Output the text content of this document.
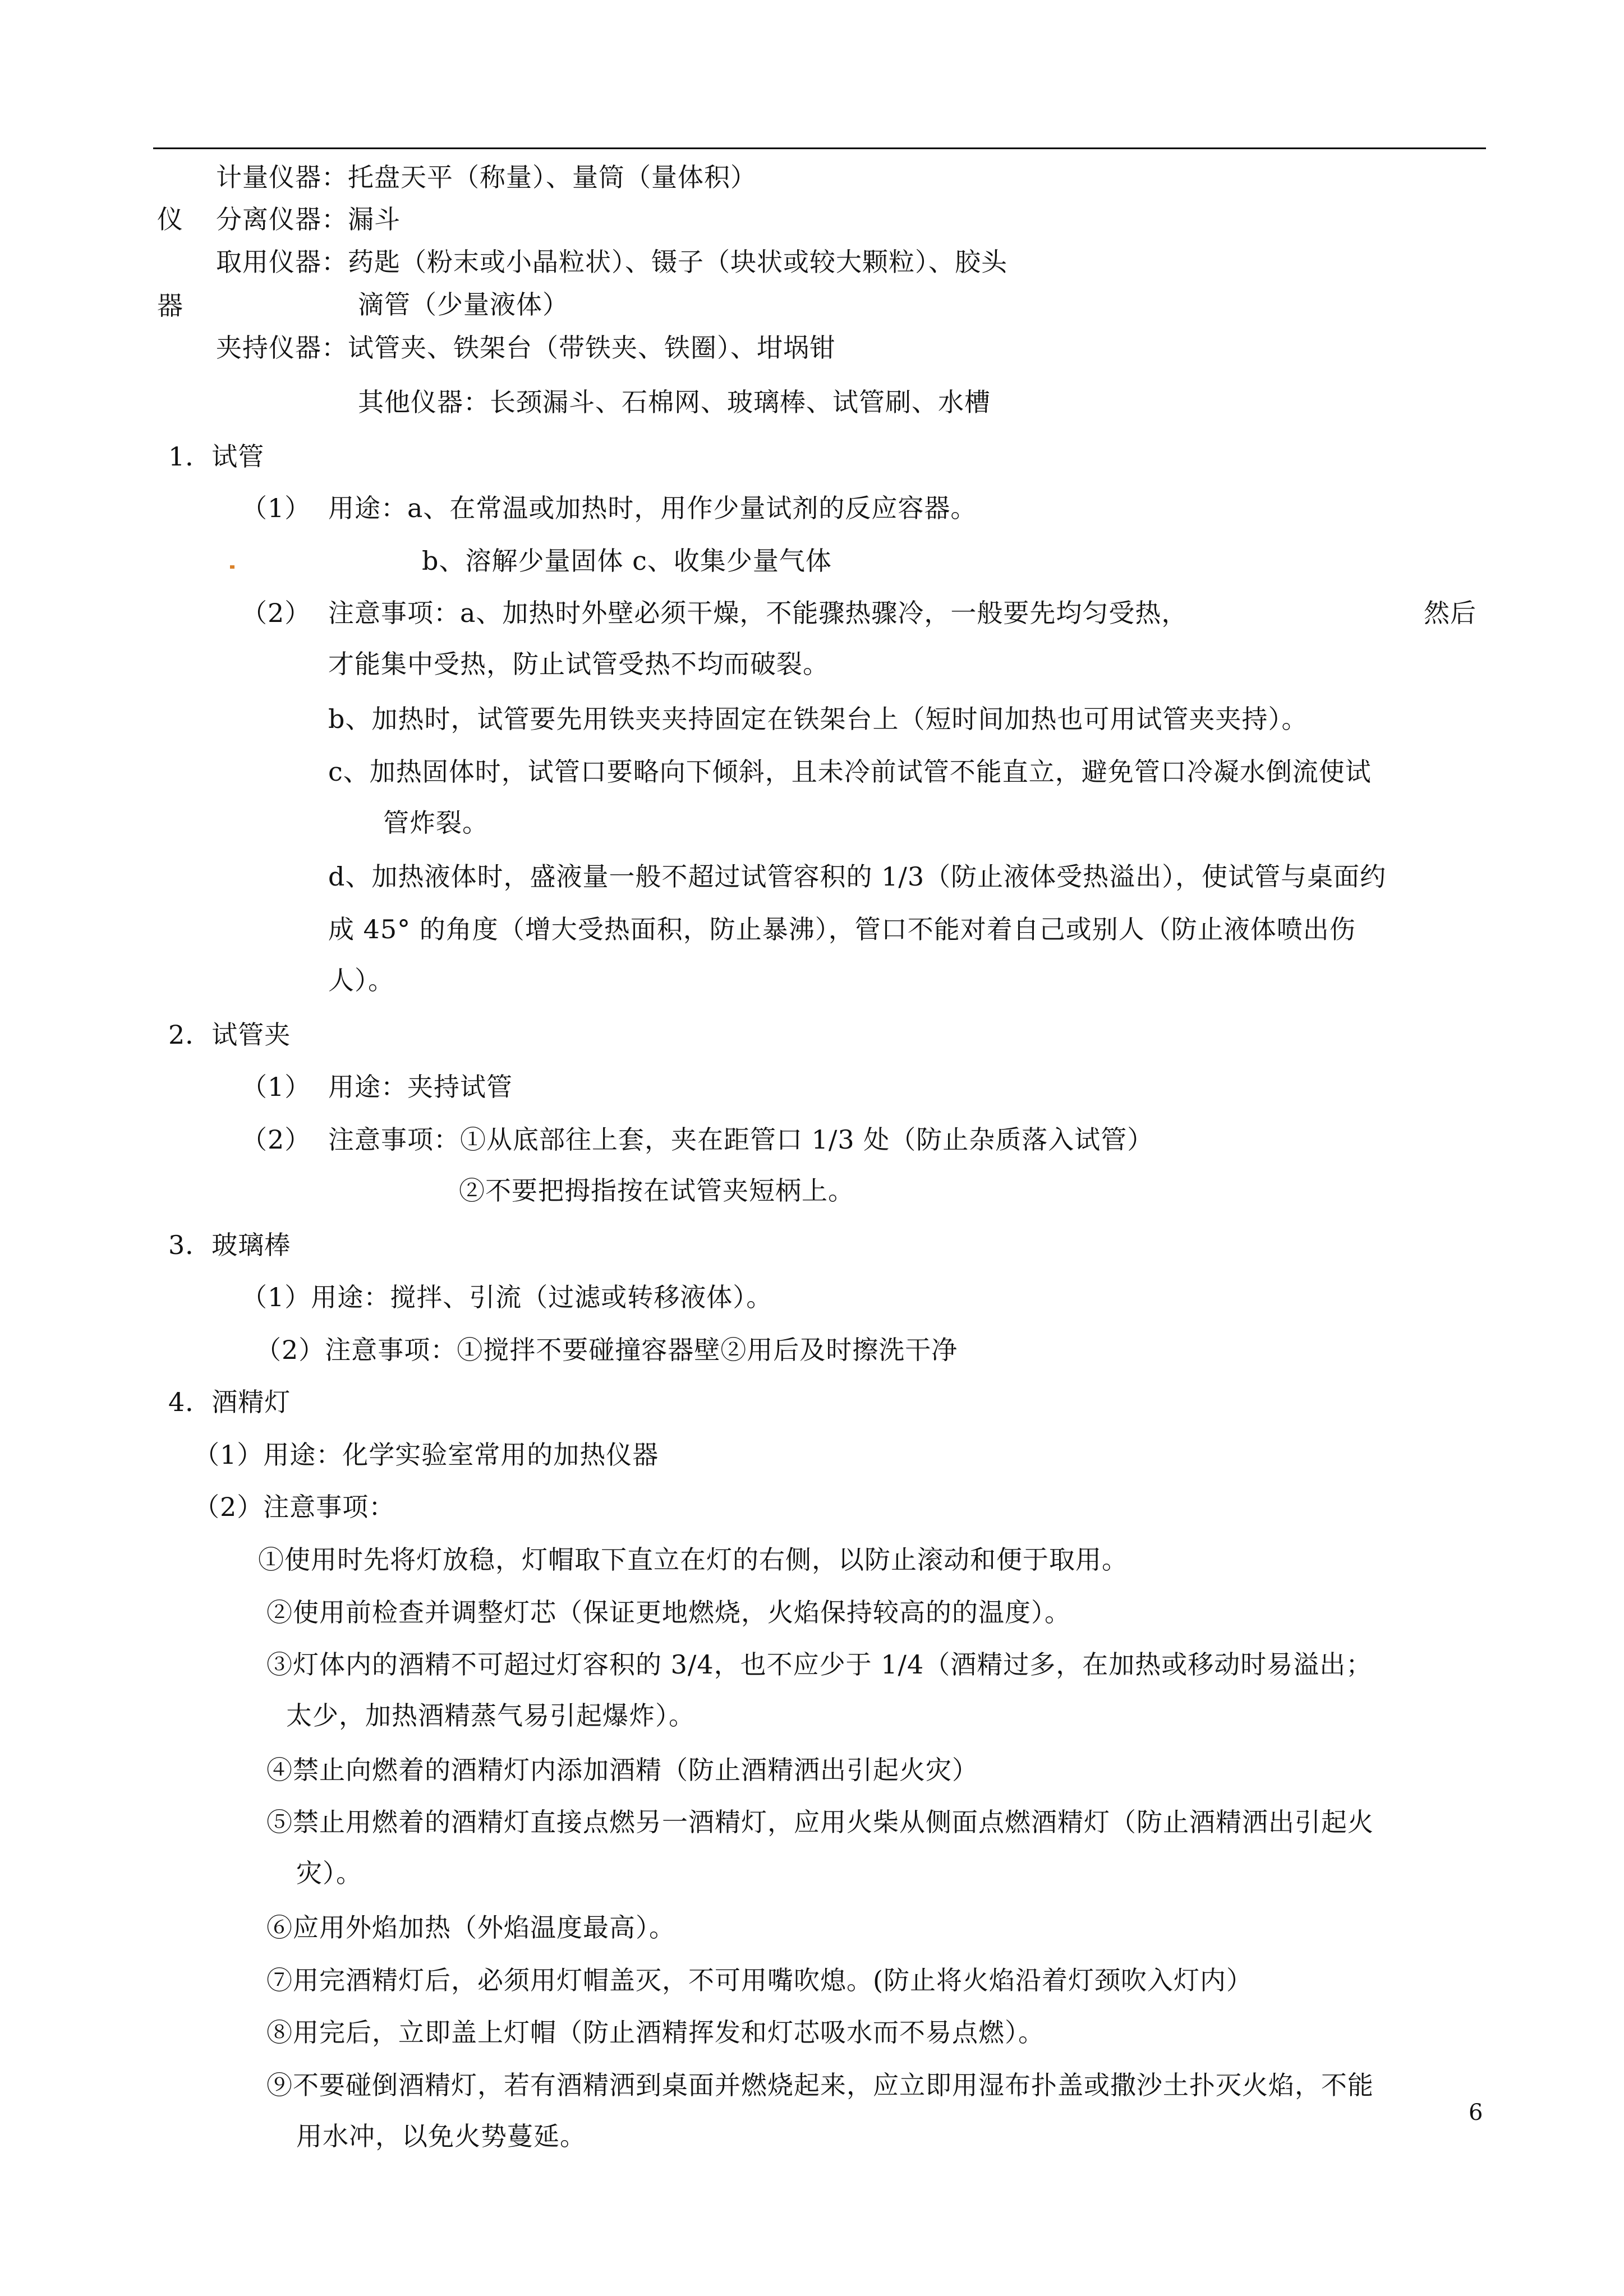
仪
器
计量仪器：托盘天平（称量）、量筒（量体积）
分离仪器：漏斗
取用仪器：药匙（粉末或小晶粒状）、镊子（块状或较大颗粒）、胶头
滴管（少量液体）
夹持仪器：试管夹、铁架台（带铁夹、铁圈）、坩埚钳
其他仪器：长颈漏斗、石棉网、玻璃棒、试管刷、水槽
1．试管
（1） 用途：a、在常温或加热时，用作少量试剂的反应容器。
b、溶解少量固体 c、收集少量气体
（2） 注意事项：a、加热时外壁必须干燥，不能骤热骤冷，一般要先均匀受热，	然后
才能集中受热，防止试管受热不均而破裂。
b、加热时，试管要先用铁夹夹持固定在铁架台上（短时间加热也可用试管夹夹持）。
c、加热固体时，试管口要略向下倾斜，且未冷前试管不能直立，避免管口冷凝水倒流使试
管炸裂。
d、加热液体时，盛液量一般不超过试管容积的 1/3（防止液体受热溢出），使试管与桌面约
成 45° 的角度（增大受热面积，防止暴沸），管口不能对着自己或别人（防止液体喷出伤
人）。
2．试管夹
（1） 用途：夹持试管
（2） 注意事项：①从底部往上套，夹在距管口 1/3 处（防止杂质落入试管）
②不要把拇指按在试管夹短柄上。
3．玻璃棒
（1）用途：搅拌、引流（过滤或转移液体）。
（2）注意事项：①搅拌不要碰撞容器壁②用后及时擦洗干净
4．酒精灯
（1）用途：化学实验室常用的加热仪器
（2）注意事项：
①使用时先将灯放稳，灯帽取下直立在灯的右侧，以防止滚动和便于取用。
②使用前检查并调整灯芯（保证更地燃烧，火焰保持较高的的温度）。
③灯体内的酒精不可超过灯容积的 3/4，也不应少于 1/4（酒精过多，在加热或移动时易溢出；
太少，加热酒精蒸气易引起爆炸）。
④禁止向燃着的酒精灯内添加酒精（防止酒精洒出引起火灾）
⑤禁止用燃着的酒精灯直接点燃另一酒精灯，应用火柴从侧面点燃酒精灯（防止酒精洒出引起火
灾）。
⑥应用外焰加热（外焰温度最高）。
⑦用完酒精灯后，必须用灯帽盖灭，不可用嘴吹熄。(防止将火焰沿着灯颈吹入灯内）
⑧用完后，立即盖上灯帽（防止酒精挥发和灯芯吸水而不易点燃）。
⑨不要碰倒酒精灯，若有酒精洒到桌面并燃烧起来，应立即用湿布扑盖或撒沙土扑灭火焰，不能
用水冲，以免火势蔓延。
6
